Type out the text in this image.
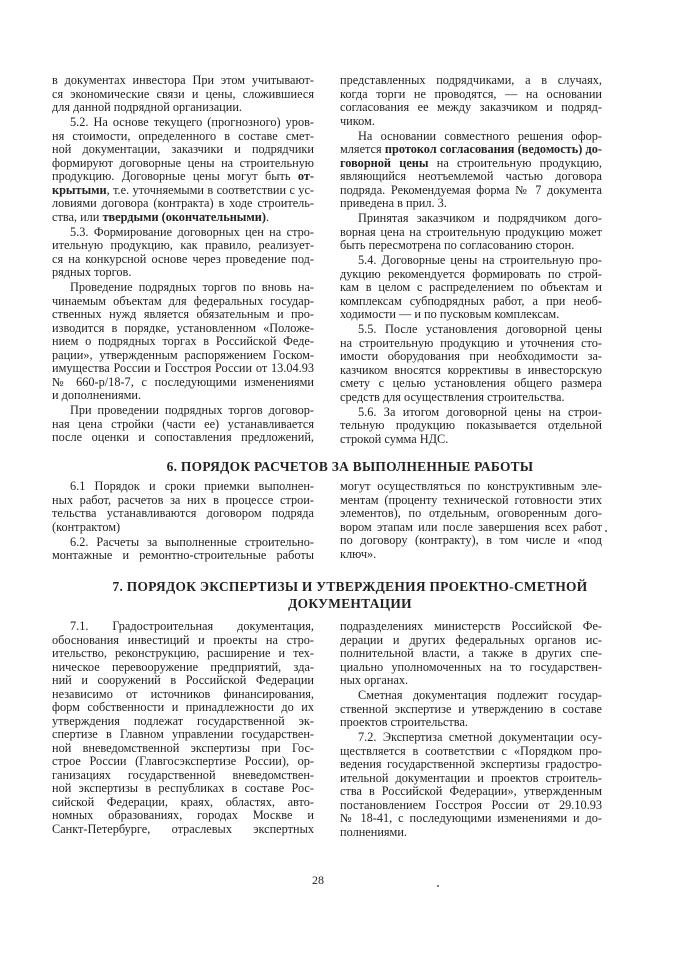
в документах инвестора При этом учитывают-
ся экономические связи и цены, сложившиеся
для данной подрядной организации.
5.2. На основе текущего (прогнозного) уров-
ня стоимости, определенного в составе смет-
ной документации, заказчики и подрядчики
формируют договорные цены на строительную
продукцию. Договорные цены могут быть от-
крытыми, т.е. уточняемыми в соответствии с ус-
ловиями договора (контракта) в ходе строитель-
ства, или твердыми (окончательными).
5.3. Формирование договорных цен на стро-
ительную продукцию, как правило, реализует-
ся на конкурсной основе через проведение под-
рядных торгов.
Проведение подрядных торгов по вновь на-
чинаемым объектам для федеральных государ-
ственных нужд является обязательным и про-
изводится в порядке, установленном «Положе-
нием о подрядных торгах в Российской Феде-
рации», утвержденным распоряжением Госком-
имущества России и Госстроя России от 13.04.93
№ 660-р/18-7, с последующими изменениями
и дополнениями.
При проведении подрядных торгов договор-
ная цена стройки (части ее) устанавливается
после оценки и сопоставления предложений,
представленных подрядчиками, а в случаях,
когда торги не проводятся, — на основании
согласования ее между заказчиком и подряд-
чиком.
На основании совместного решения офор-
мляется протокол согласования (ведомость) до-
говорной цены на строительную продукцию,
являющийся неотъемлемой частью договора
подряда. Рекомендуемая форма № 7 документа
приведена в прил. 3.
Принятая заказчиком и подрядчиком дого-
ворная цена на строительную продукцию может
быть пересмотрена по согласованию сторон.
5.4. Договорные цены на строительную про-
дукцию рекомендуется формировать по строй-
кам в целом с распределением по объектам и
комплексам субподрядных работ, а при необ-
ходимости — и по пусковым комплексам.
5.5. После установления договорной цены
на строительную продукцию и уточнения сто-
имости оборудования при необходимости за-
казчиком вносятся коррективы в инвесторскую
смету с целью установления общего размера
средств для осуществления строительства.
5.6. За итогом договорной цены на строи-
тельную продукцию показывается отдельной
строкой сумма НДС.
6. ПОРЯДОК РАСЧЕТОВ ЗА ВЫПОЛНЕННЫЕ РАБОТЫ
6.1 Порядок и сроки приемки выполнен-
ных работ, расчетов за них в процессе строи-
тельства устанавливаются договором подряда
(контрактом)
6.2. Расчеты за выполненные строительно-
монтажные и ремонтно-строительные работы
могут осуществляться по конструктивным эле-
ментам (проценту технической готовности этих
элементов), по отдельным, оговоренным дого-
вором этапам или после завершения всех работ
по договору (контракту), в том числе и «под
ключ».
7. ПОРЯДОК ЭКСПЕРТИЗЫ И УТВЕРЖДЕНИЯ ПРОЕКТНО-СМЕТНОЙ
ДОКУМЕНТАЦИИ
7.1. Градостроительная документация,
обоснования инвестиций и проекты на стро-
ительство, реконструкцию, расширение и тех-
ническое перевооружение предприятий, зда-
ний и сооружений в Российской Федерации
независимо от источников финансирования,
форм собственности и принадлежности до их
утверждения подлежат государственной эк-
спертизе в Главном управлении государствен-
ной вневедомственной экспертизы при Гос-
строе России (Главгосэкспертизе России), ор-
ганизациях государственной вневедомствен-
ной экспертизы в республиках в составе Рос-
сийской Федерации, краях, областях, авто-
номных образованиях, городах Москве и
Санкт-Петербурге, отраслевых экспертных
подразделениях министерств Российской Фе-
дерации и других федеральных органов ис-
полнительной власти, а также в других спе-
циально уполномоченных на то государствен-
ных органах.
Сметная документация подлежит государ-
ственной экспертизе и утверждению в составе
проектов строительства.
7.2. Экспертиза сметной документации осу-
ществляется в соответствии с «Порядком про-
ведения государственной экспертизы градостро-
ительной документации и проектов строитель-
ства в Российской Федерации», утвержденным
постановлением Госстроя России от 29.10.93
№ 18-41, с последующими изменениями и до-
полнениями.
28
